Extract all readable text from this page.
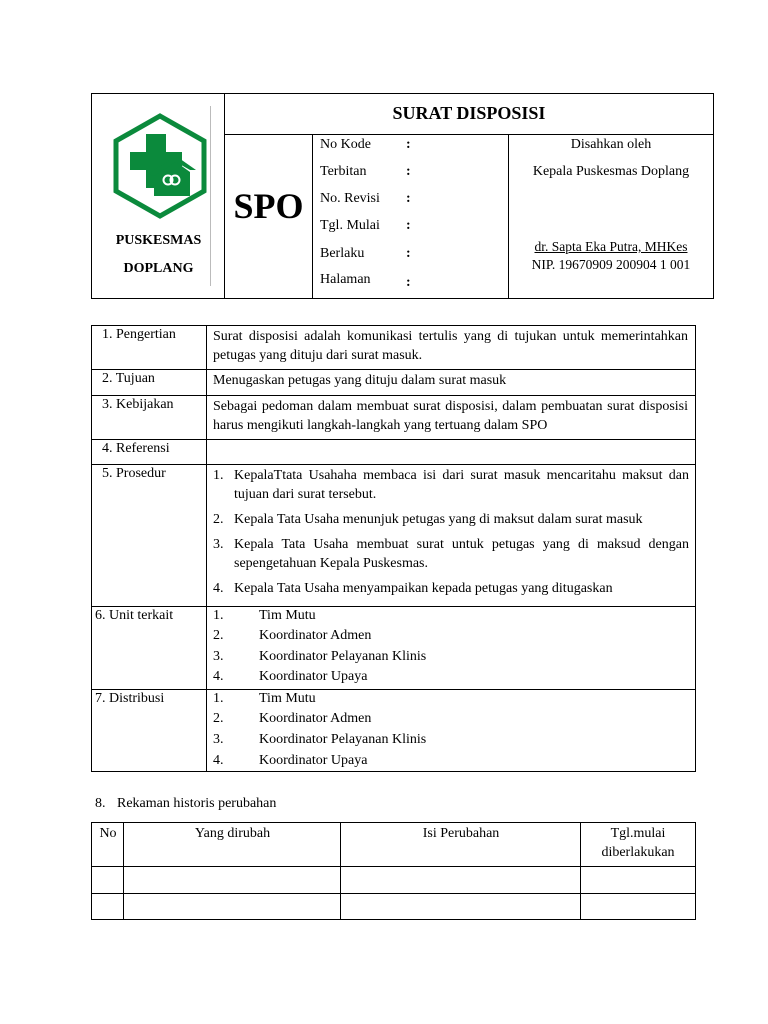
PUSKESMAS
DOPLANG
SURAT DISPOSISI
SPO
No Kode	:
Terbitan	:
No. Revisi :
Tgl. Mulai :
Berlaku	:
Halaman	:
Disahkan oleh
Kepala Puskesmas Doplang
dr. Sapta Eka Putra, MHKes
NIP. 19670909 200904 1 001
1. Pengertian	Surat disposisi adalah komunikasi tertulis yang di tujukan untuk memerintahkan petugas yang dituju dari surat masuk.
2. Tujuan	Menugaskan petugas yang dituju dalam surat masuk
3. Kebijakan	Sebagai pedoman dalam membuat surat disposisi, dalam pembuatan surat disposisi harus mengikuti langkah-langkah yang tertuang dalam SPO
4. Referensi
5. Prosedur	1. KepalaTtata Usahaha membaca isi dari surat masuk mencaritahu maksut dan tujuan dari surat tersebut.
2. Kepala Tata Usaha menunjuk petugas yang di maksut dalam surat masuk
3. Kepala Tata Usaha membuat surat untuk petugas yang di maksud dengan sepengetahuan Kepala Puskesmas.
4. Kepala Tata Usaha menyampaikan kepada petugas yang ditugaskan
6. Unit terkait	1.	Tim Mutu
2.	Koordinator Admen
3.	Koordinator Pelayanan Klinis
4.	Koordinator Upaya
7. Distribusi	1.	Tim Mutu
2.	Koordinator Admen
3.	Koordinator Pelayanan Klinis
4.	Koordinator Upaya
8. Rekaman historis perubahan
No	Yang dirubah	Isi Perubahan	Tgl.mulai
diberlakukan
